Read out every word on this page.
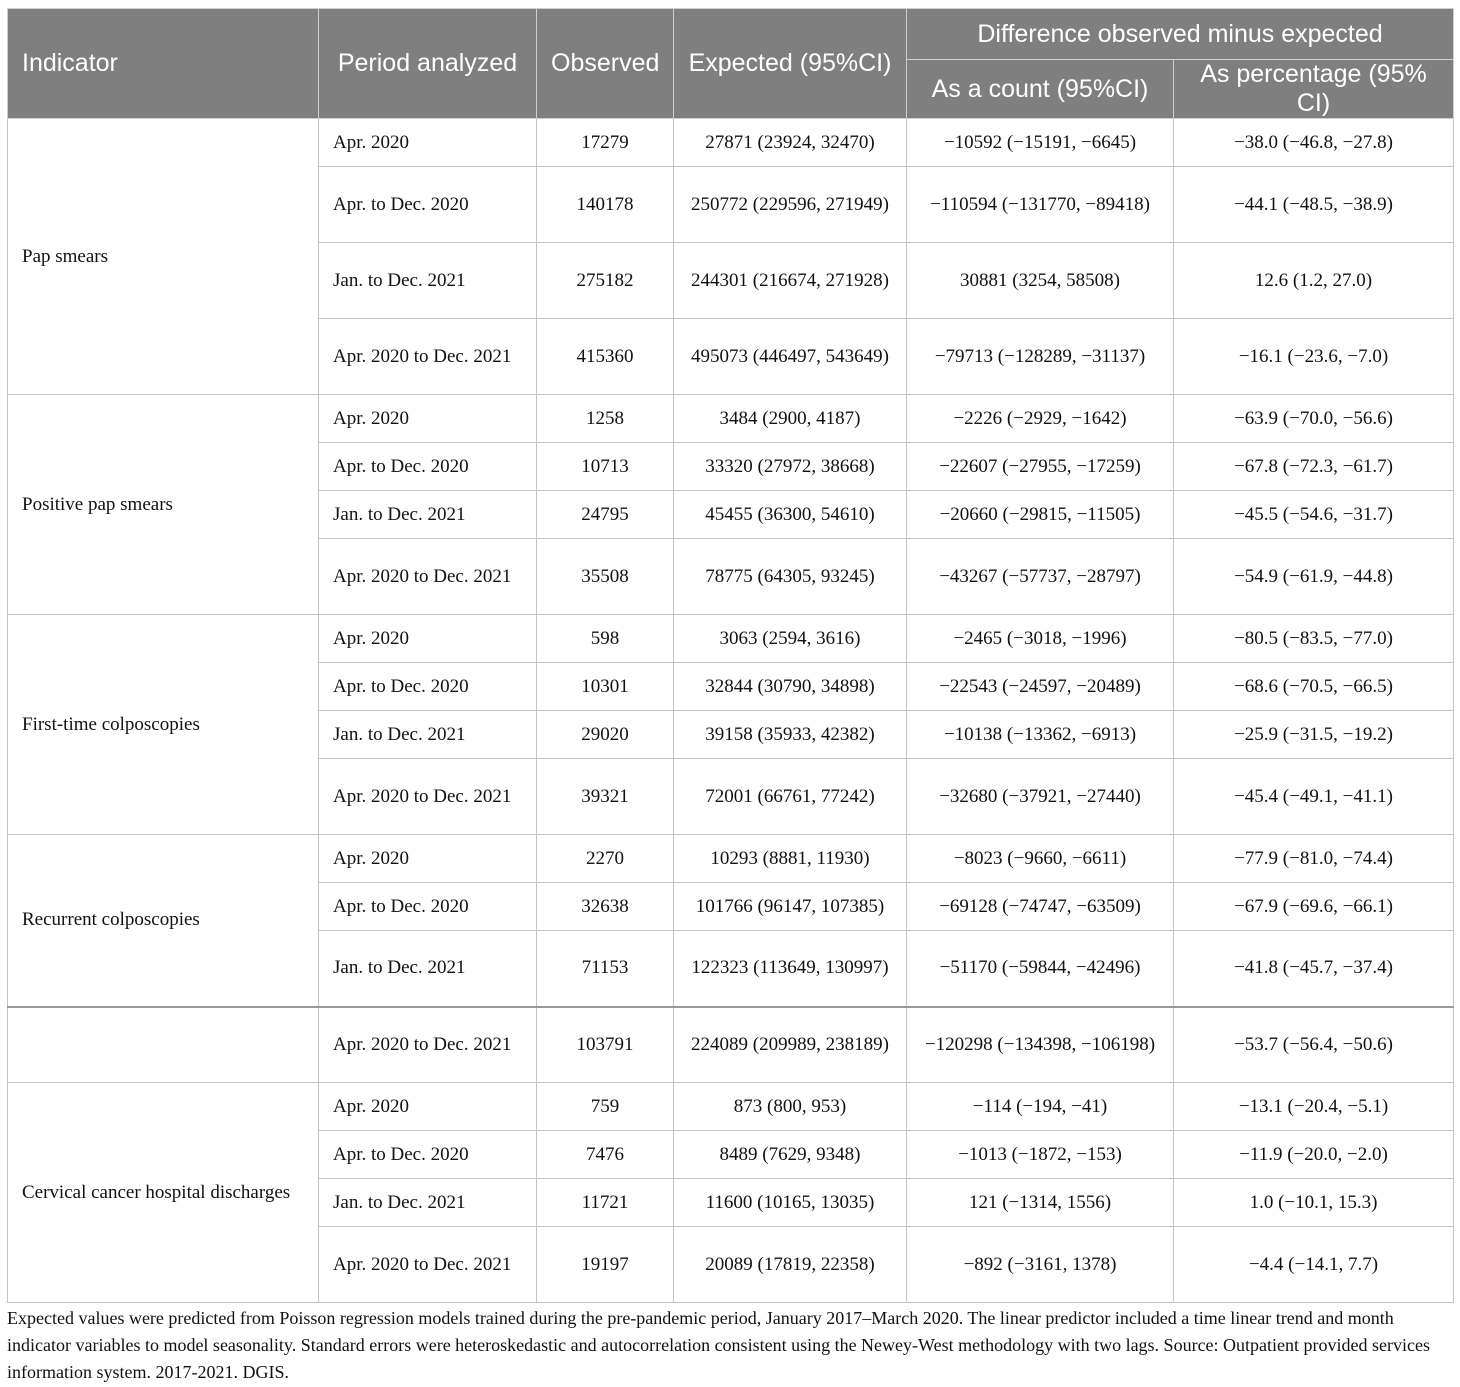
Indicator	Period analyzed	Observed	Expected (95%CI)	Difference observed minus expected	
				As a count (95%CI)	As percentage (95% CI)
Pap smears	Apr. 2020	17279	27871 (23924, 32470)	−10592 (−15191, −6645)	−38.0 (−46.8, −27.8)
	Apr. to Dec. 2020	140178	250772 (229596, 271949)	−110594 (−131770, −89418)	−44.1 (−48.5, −38.9)
	Jan. to Dec. 2021	275182	244301 (216674, 271928)	30881 (3254, 58508)	12.6 (1.2, 27.0)
	Apr. 2020 to Dec. 2021	415360	495073 (446497, 543649)	−79713 (−128289, −31137)	−16.1 (−23.6, −7.0)
Positive pap smears	Apr. 2020	1258	3484 (2900, 4187)	−2226 (−2929, −1642)	−63.9 (−70.0, −56.6)
	Apr. to Dec. 2020	10713	33320 (27972, 38668)	−22607 (−27955, −17259)	−67.8 (−72.3, −61.7)
	Jan. to Dec. 2021	24795	45455 (36300, 54610)	−20660 (−29815, −11505)	−45.5 (−54.6, −31.7)
	Apr. 2020 to Dec. 2021	35508	78775 (64305, 93245)	−43267 (−57737, −28797)	−54.9 (−61.9, −44.8)
First-time colposcopies	Apr. 2020	598	3063 (2594, 3616)	−2465 (−3018, −1996)	−80.5 (−83.5, −77.0)
	Apr. to Dec. 2020	10301	32844 (30790, 34898)	−22543 (−24597, −20489)	−68.6 (−70.5, −66.5)
	Jan. to Dec. 2021	29020	39158 (35933, 42382)	−10138 (−13362, −6913)	−25.9 (−31.5, −19.2)
	Apr. 2020 to Dec. 2021	39321	72001 (66761, 77242)	−32680 (−37921, −27440)	−45.4 (−49.1, −41.1)
Recurrent colposcopies	Apr. 2020	2270	10293 (8881, 11930)	−8023 (−9660, −6611)	−77.9 (−81.0, −74.4)
	Apr. to Dec. 2020	32638	101766 (96147, 107385)	−69128 (−74747, −63509)	−67.9 (−69.6, −66.1)
	Jan. to Dec. 2021	71153	122323 (113649, 130997)	−51170 (−59844, −42496)	−41.8 (−45.7, −37.4)
	Apr. 2020 to Dec. 2021	103791	224089 (209989, 238189)	−120298 (−134398, −106198)	−53.7 (−56.4, −50.6)
Cervical cancer hospital discharges	Apr. 2020	759	873 (800, 953)	−114 (−194, −41)	−13.1 (−20.4, −5.1)
	Apr. to Dec. 2020	7476	8489 (7629, 9348)	−1013 (−1872, −153)	−11.9 (−20.0, −2.0)
	Jan. to Dec. 2021	11721	11600 (10165, 13035)	121 (−1314, 1556)	1.0 (−10.1, 15.3)
	Apr. 2020 to Dec. 2021	19197	20089 (17819, 22358)	−892 (−3161, 1378)	−4.4 (−14.1, 7.7)
Expected values were predicted from Poisson regression models trained during the pre-pandemic period, January 2017–March 2020. The linear predictor included a time linear trend and month indicator variables to model seasonality. Standard errors were heteroskedastic and autocorrelation consistent using the Newey-West methodology with two lags. Source: Outpatient provided services information system. 2017-2021. DGIS.
